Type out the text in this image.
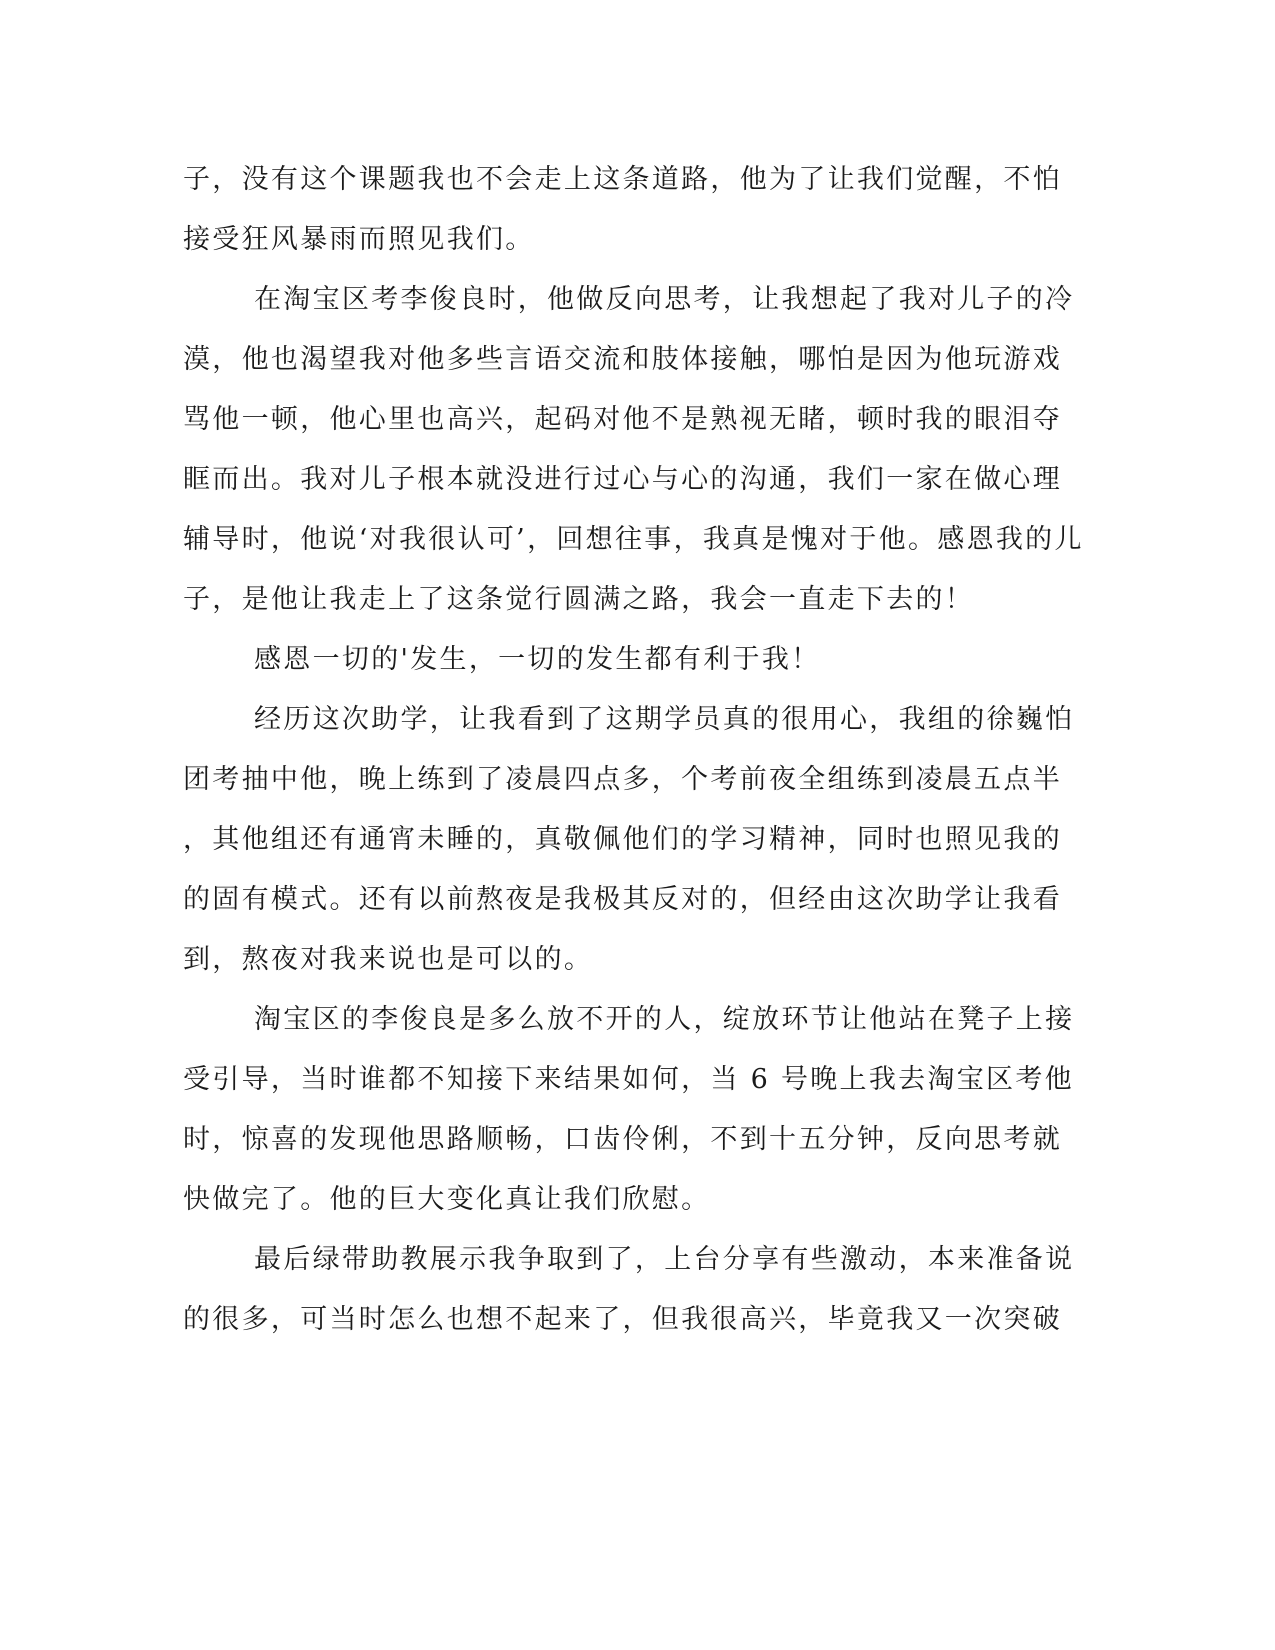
子，没有这个课题我也不会走上这条道路，他为了让我们觉醒，不怕
接受狂风暴雨而照见我们。
在淘宝区考李俊良时，他做反向思考，让我想起了我对儿子的冷
漠，他也渴望我对他多些言语交流和肢体接触，哪怕是因为他玩游戏
骂他一顿，他心里也高兴，起码对他不是熟视无睹，顿时我的眼泪夺
眶而出。我对儿子根本就没进行过心与心的沟通，我们一家在做心理
辅导时，他说‘对我很认可’，回想往事，我真是愧对于他。感恩我的儿
子，是他让我走上了这条觉行圆满之路，我会一直走下去的！
感恩一切的'发生，一切的发生都有利于我！
经历这次助学，让我看到了这期学员真的很用心，我组的徐巍怕
团考抽中他，晚上练到了凌晨四点多，个考前夜全组练到凌晨五点半
，其他组还有通宵未睡的，真敬佩他们的学习精神，同时也照见我的
的固有模式。还有以前熬夜是我极其反对的，但经由这次助学让我看
到，熬夜对我来说也是可以的。
淘宝区的李俊良是多么放不开的人，绽放环节让他站在凳子上接
受引导，当时谁都不知接下来结果如何，当 6 号晚上我去淘宝区考他
时，惊喜的发现他思路顺畅，口齿伶俐，不到十五分钟，反向思考就
快做完了。他的巨大变化真让我们欣慰。
最后绿带助教展示我争取到了，上台分享有些激动，本来准备说
的很多，可当时怎么也想不起来了，但我很高兴，毕竟我又一次突破
